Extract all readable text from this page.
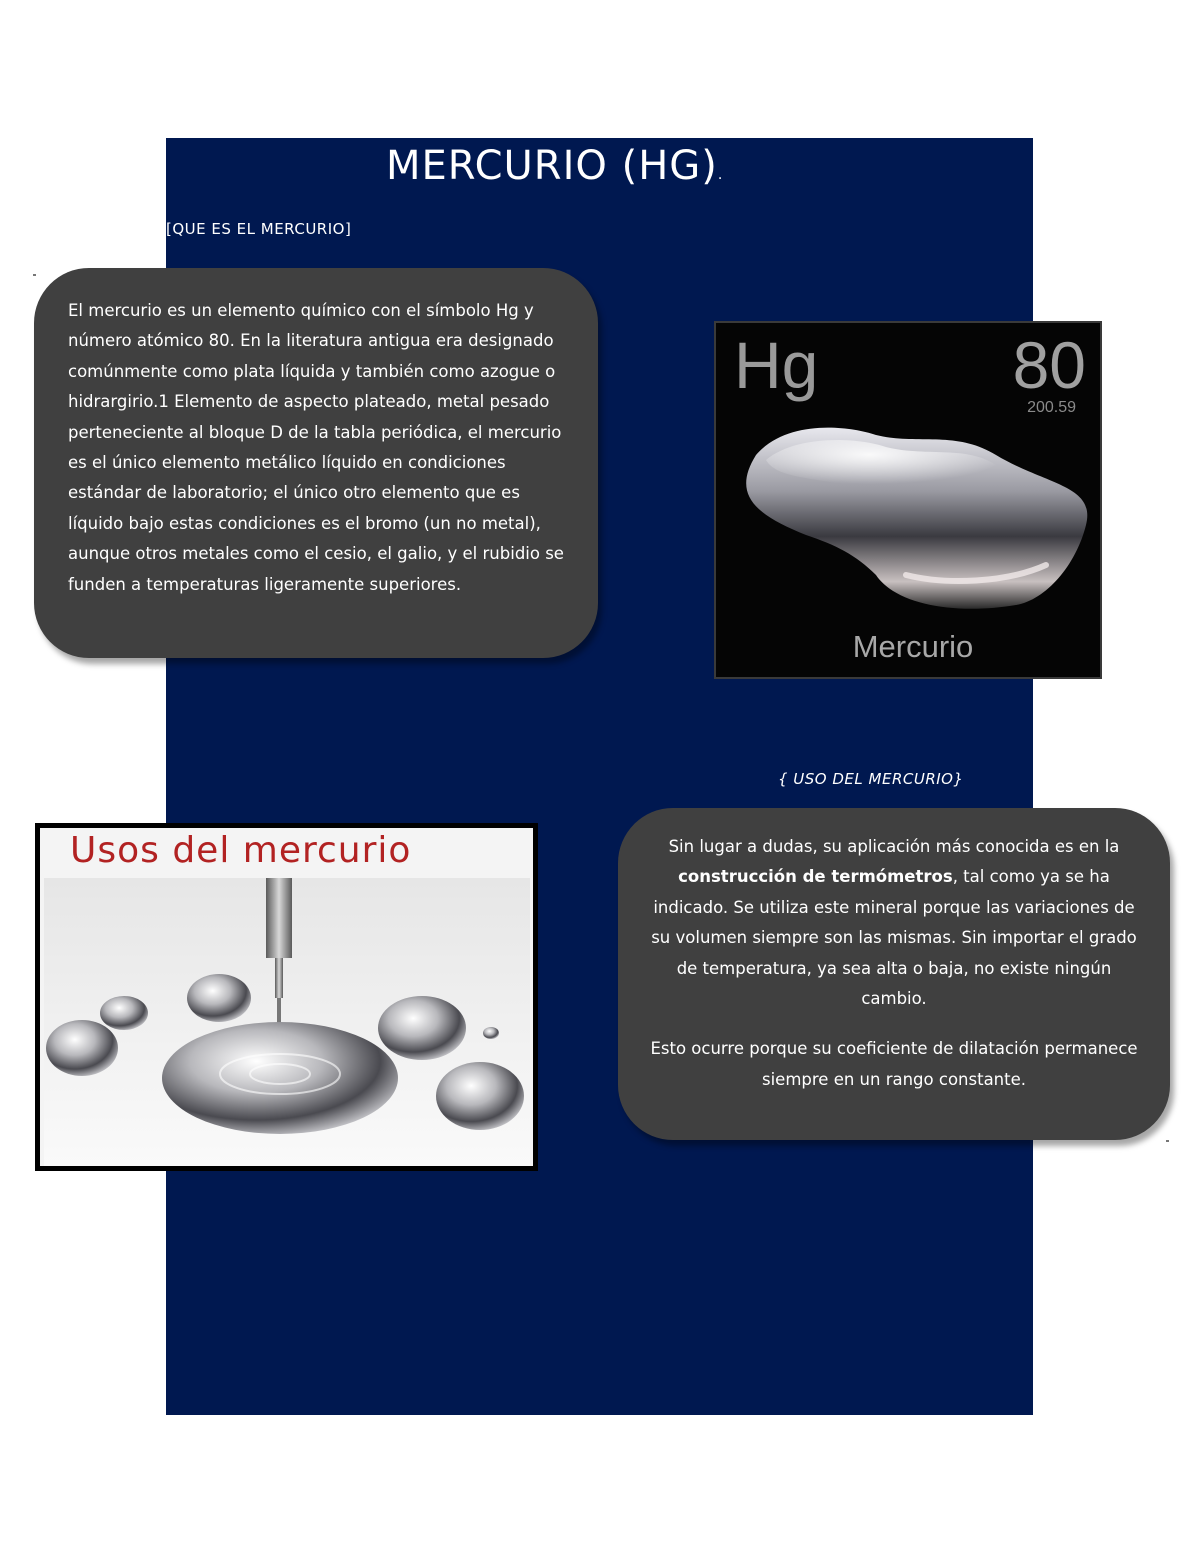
MERCURIO (HG).
[QUE ES EL MERCURIO]

El mercurio es un elemento químico con el símbolo Hg y número atómico 80. En la literatura antigua era designado comúnmente como plata líquida y también como azogue o hidrargirio.1 Elemento de aspecto plateado, metal pesado perteneciente al bloque D de la tabla periódica, el mercurio es el único elemento metálico líquido en condiciones estándar de laboratorio; el único otro elemento que es líquido bajo estas condiciones es el bromo (un no metal), aunque otros metales como el cesio, el galio, y el rubidio se funden a temperaturas ligeramente superiores.

Hg	80
200.59
Mercurio
{ USO DEL MERCURIO}
Usos del mercurio	Sin lugar a dudas, su aplicación más conocida es en la construcción de termómetros, tal como ya se ha indicado. Se utiliza este mineral porque las variaciones de su volumen siempre son las mismas. Sin importar el grado de temperatura, ya sea alta o baja, no existe ningún cambio.

Esto ocurre porque su coeficiente de dilatación permanece siempre en un rango constante.
